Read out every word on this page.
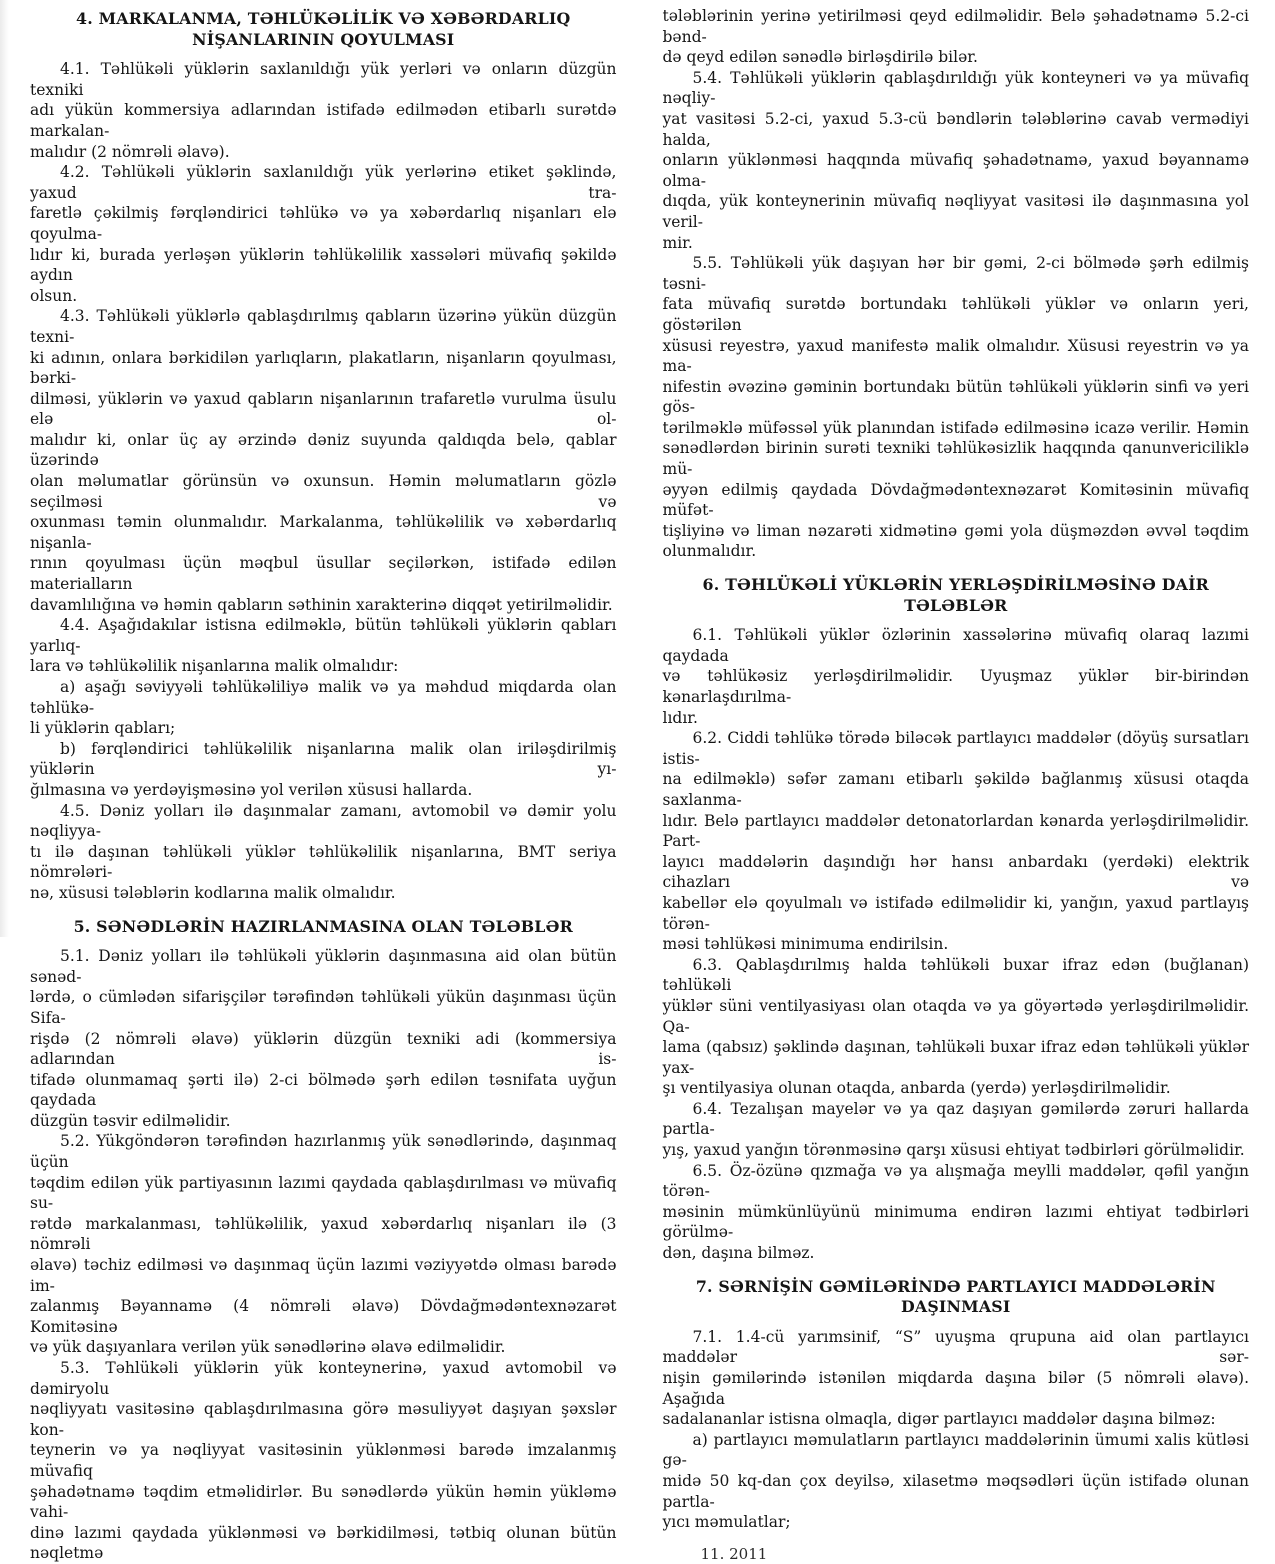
4. MARKALANMA, TƏHLÜKƏLİLİK VƏ XƏBƏRDARLIQ
NİŞANLARININ QOYULMASI
4.1. Təhlükəli yüklərin saxlanıldığı yük yerləri və onların düzgün texniki
adı yükün kommersiya adlarından istifadə edilmədən etibarlı surətdə markalan-
malıdır (2 nömrəli əlavə).
4.2. Təhlükəli yüklərin saxlanıldığı yük yerlərinə etiket şəklində, yaxud tra-
faretlə çəkilmiş fərqləndirici təhlükə və ya xəbərdarlıq nişanları elə qoyulma-
lıdır ki, burada yerləşən yüklərin təhlükəlilik xassələri müvafiq şəkildə aydın
olsun.
4.3. Təhlükəli yüklərlə qablaşdırılmış qabların üzərinə yükün düzgün texni-
ki adının, onlara bərkidilən yarlıqların, plakatların, nişanların qoyulması, bərki-
dilməsi, yüklərin və yaxud qabların nişanlarının trafaretlə vurulma üsulu elə ol-
malıdır ki, onlar üç ay ərzində dəniz suyunda qaldıqda belə, qablar üzərində
olan məlumatlar görünsün və oxunsun. Həmin məlumatların gözlə seçilməsi və
oxunması təmin olunmalıdır. Markalanma, təhlükəlilik və xəbərdarlıq nişanla-
rının qoyulması üçün məqbul üsullar seçilərkən, istifadə edilən materialların
davamlılığına və həmin qabların səthinin xarakterinə diqqət yetirilməlidir.
4.4. Aşağıdakılar istisna edilməklə, bütün təhlükəli yüklərin qabları yarlıq-
lara və təhlükəlilik nişanlarına malik olmalıdır:
a) aşağı səviyyəli təhlükəliliyə malik və ya məhdud miqdarda olan təhlükə-
li yüklərin qabları;
b) fərqləndirici təhlükəlilik nişanlarına malik olan iriləşdirilmiş yüklərin yı-
ğılmasına və yerdəyişməsinə yol verilən xüsusi hallarda.
4.5. Dəniz yolları ilə daşınmalar zamanı, avtomobil və dəmir yolu nəqliyya-
tı ilə daşınan təhlükəli yüklər təhlükəlilik nişanlarına, BMT seriya nömrələri-
nə, xüsusi tələblərin kodlarına malik olmalıdır.
5. SƏNƏDLƏRİN HAZIRLANMASINA OLAN TƏLƏBLƏR
5.1. Dəniz yolları ilə təhlükəli yüklərin daşınmasına aid olan bütün sənəd-
lərdə, o cümlədən sifarişçilər tərəfindən təhlükəli yükün daşınması üçün Sifa-
rişdə (2 nömrəli əlavə) yüklərin düzgün texniki adi (kommersiya adlarından is-
tifadə olunmamaq şərti ilə) 2-ci bölmədə şərh edilən təsnifata uyğun qaydada
düzgün təsvir edilməlidir.
5.2. Yükgöndərən tərəfindən hazırlanmış yük sənədlərində, daşınmaq üçün
təqdim edilən yük partiyasının lazımi qaydada qablaşdırılması və müvafiq su-
rətdə markalanması, təhlükəlilik, yaxud xəbərdarlıq nişanları ilə (3 nömrəli
əlavə) təchiz edilməsi və daşınmaq üçün lazımi vəziyyətdə olması barədə im-
zalanmış Bəyannamə (4 nömrəli əlavə) Dövdağmədəntexnəzarət Komitəsinə
və yük daşıyanlara verilən yük sənədlərinə əlavə edilməlidir.
5.3. Təhlükəli yüklərin yük konteynerinə, yaxud avtomobil və dəmiryolu
nəqliyyatı vasitəsinə qablaşdırılmasına görə məsuliyyət daşıyan şəxslər kon-
teynerin və ya nəqliyyat vasitəsinin yüklənməsi barədə imzalanmış müvafiq
şəhadətnamə təqdim etməlidirlər. Bu sənədlərdə yükün həmin yükləmə vahi-
dinə lazımi qaydada yüklənməsi və bərkidilməsi, tətbiq olunan bütün nəqletmə
tələblərinin yerinə yetirilməsi qeyd edilməlidir. Belə şəhadətnamə 5.2-ci bənd-
də qeyd edilən sənədlə birləşdirilə bilər.
5.4. Təhlükəli yüklərin qablaşdırıldığı yük konteyneri və ya müvafiq nəqliy-
yat vasitəsi 5.2-ci, yaxud 5.3-cü bəndlərin tələblərinə cavab vermədiyi halda,
onların yüklənməsi haqqında müvafiq şəhadətnamə, yaxud bəyannamə olma-
dıqda, yük konteynerinin müvafiq nəqliyyat vasitəsi ilə daşınmasına yol veril-
mir.
5.5. Təhlükəli yük daşıyan hər bir gəmi, 2-ci bölmədə şərh edilmiş təsni-
fata müvafiq surətdə bortundakı təhlükəli yüklər və onların yeri, göstərilən
xüsusi reyestrə, yaxud manifestə malik olmalıdır. Xüsusi reyestrin və ya ma-
nifestin əvəzinə gəminin bortundakı bütün təhlükəli yüklərin sinfi və yeri gös-
tərilməklə müfəssəl yük planından istifadə edilməsinə icazə verilir. Həmin
sənədlərdən birinin surəti texniki təhlükəsizlik haqqında qanunvericiliklə mü-
əyyən edilmiş qaydada Dövdağmədəntexnəzarət Komitəsinin müvafiq müfət-
tişliyinə və liman nəzarəti xidmətinə gəmi yola düşməzdən əvvəl təqdim
olunmalıdır.
6. TƏHLÜKƏLİ YÜKLƏRİN YERLƏŞDİRİLMƏSİNƏ DAİR TƏLƏBLƏR
6.1. Təhlükəli yüklər özlərinin xassələrinə müvafiq olaraq lazımi qaydada
və təhlükəsiz yerləşdirilməlidir. Uyuşmaz yüklər bir-birindən kənarlaşdırılma-
lıdır.
6.2. Ciddi təhlükə törədə biləcək partlayıcı maddələr (döyüş sursatları istis-
na edilməklə) səfər zamanı etibarlı şəkildə bağlanmış xüsusi otaqda saxlanma-
lıdır. Belə partlayıcı maddələr detonatorlardan kənarda yerləşdirilməlidir. Part-
layıcı maddələrin daşındığı hər hansı anbardakı (yerdəki) elektrik cihazları və
kabellər elə qoyulmalı və istifadə edilməlidir ki, yanğın, yaxud partlayış törən-
məsi təhlükəsi minimuma endirilsin.
6.3. Qablaşdırılmış halda təhlükəli buxar ifraz edən (buğlanan) təhlükəli
yüklər süni ventilyasiyası olan otaqda və ya göyərtədə yerləşdirilməlidir. Qa-
lama (qabsız) şəklində daşınan, təhlükəli buxar ifraz edən təhlükəli yüklər yax-
şı ventilyasiya olunan otaqda, anbarda (yerdə) yerləşdirilməlidir.
6.4. Tezalışan mayelər və ya qaz daşıyan gəmilərdə zəruri hallarda partla-
yış, yaxud yanğın törənməsinə qarşı xüsusi ehtiyat tədbirləri görülməlidir.
6.5. Öz-özünə qızmağa və ya alışmağa meylli maddələr, qəfil yanğın törən-
məsinin mümkünlüyünü minimuma endirən lazımi ehtiyat tədbirləri görülmə-
dən, daşına bilməz.
7. SƏRNİŞİN GƏMİLƏRİNDƏ PARTLAYICI MADDƏLƏRİN DAŞINMASI
7.1. 1.4-cü yarımsinif, “S” uyuşma qrupuna aid olan partlayıcı maddələr sər-
nişin gəmilərində istənilən miqdarda daşına bilər (5 nömrəli əlavə). Aşağıda
sadalananlar istisna olmaqla, digər partlayıcı maddələr daşına bilməz:
a) partlayıcı məmulatların partlayıcı maddələrinin ümumi xalis kütləsi gə-
midə 50 kq-dan çox deyilsə, xilasetmə məqsədləri üçün istifadə olunan partla-
yıcı məmulatlar;
11. 2011
